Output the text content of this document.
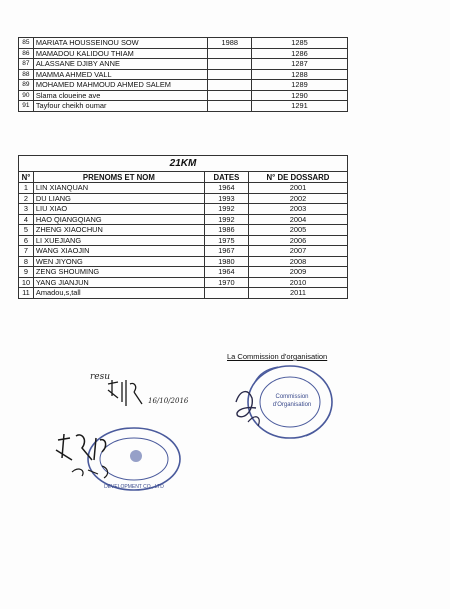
85	MARIATA HOUSSEINOU SOW	1988	1285
86	MAMADOU KALIDOU THIAM		1286
87	ALASSANE DJIBY ANNE		1287
88	MAMMA AHMED VALL		1288
89	MOHAMED MAHMOUD AHMED SALEM		1289
90	Slama cloueine ave		1290
91	Tayfour cheikh oumar		1291
21KM			
N°	PRENOMS ET NOM	DATES	N° DE DOSSARD
1	LIN XIANQUAN	1964	2001
2	DU LIANG	1993	2002
3	LIU XIAO	1992	2003
4	HAO QIANGQIANG	1992	2004
5	ZHENG XIAOCHUN	1986	2005
6	LI XUEJIANG	1975	2006
7	WANG XIAOJIN	1967	2007
8	WEN JIYONG	1980	2008
9	ZENG SHOUMING	1964	2009
10	YANG JIANJUN	1970	2010
11	Amadou,s,tall		2011
La Commission d'organisation
Commission
d'Organisation
resu
16/10/2016
DEVELOPMENT CO., LTD
